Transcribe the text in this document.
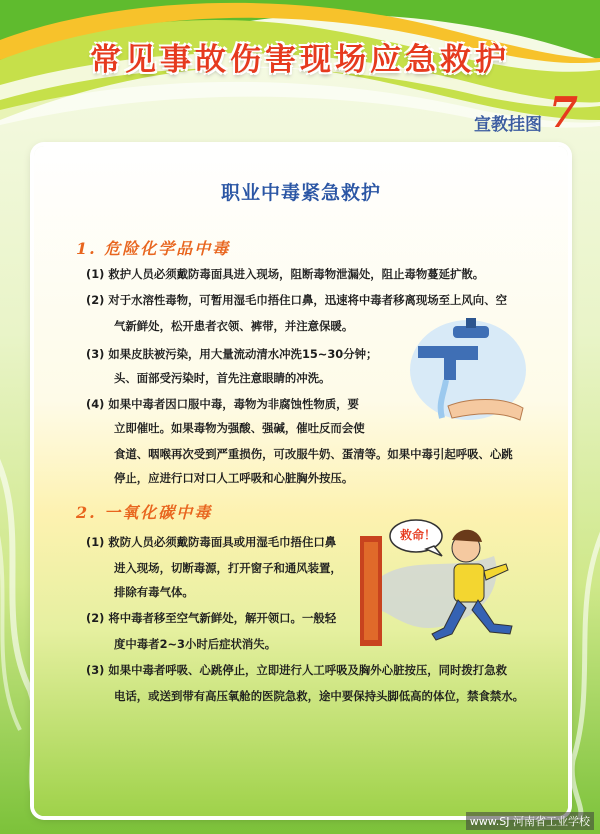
常见事故伤害现场应急救护
宣教挂图 7
职业中毒紧急救护
1. 危险化学品中毒
(1) 救护人员必须戴防毒面具进入现场，阻断毒物泄漏处，阻止毒物蔓延扩散。
(2) 对于水溶性毒物，可暂用湿毛巾捂住口鼻，迅速将中毒者移离现场至上风向、空
气新鲜处，松开患者衣领、裤带，并注意保暖。
(3) 如果皮肤被污染，用大量流动清水冲洗15~30分钟；
头、面部受污染时，首先注意眼睛的冲洗。
(4) 如果中毒者因口服中毒，毒物为非腐蚀性物质，要
立即催吐。如果毒物为强酸、强碱，催吐反而会使
食道、咽喉再次受到严重损伤，可改服牛奶、蛋清等。如果中毒引起呼吸、心跳
停止，应进行口对口人工呼吸和心脏胸外按压。
2. 一氧化碳中毒
(1) 救防人员必须戴防毒面具或用湿毛巾捂住口鼻
进入现场，切断毒源，打开窗子和通风装置，
排除有毒气体。
(2) 将中毒者移至空气新鲜处，解开领口。一般轻
度中毒者2~3小时后症状消失。
(3) 如果中毒者呼吸、心跳停止，立即进行人工呼吸及胸外心脏按压，同时拨打急救
电话，或送到带有高压氧舱的医院急救，途中要保持头脚低高的体位，禁食禁水。
救命！
www.SJ 河南省工业学校
